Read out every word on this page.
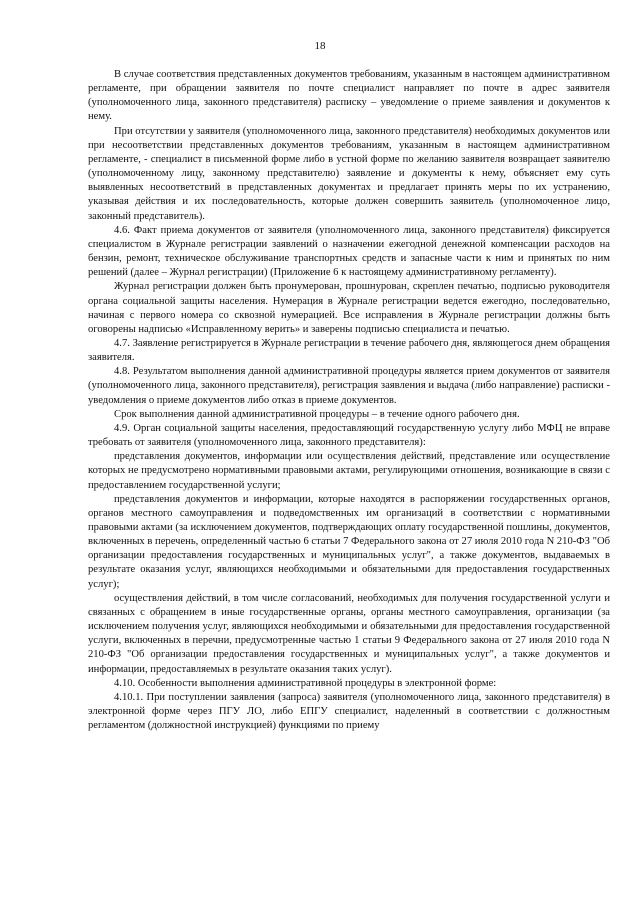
18

В случае соответствия представленных документов требованиям, указанным в настоящем административном регламенте, при обращении заявителя по почте специалист направляет по почте в адрес заявителя (уполномоченного лица, законного представителя) расписку – уведомление о приеме заявления и документов к нему.

При отсутствии у заявителя (уполномоченного лица, законного представителя) необходимых документов или при несоответствии представленных документов требованиям, указанным в настоящем административном регламенте, - специалист в письменной форме либо в устной форме по желанию заявителя возвращает заявителю (уполномоченному лицу, законному представителю) заявление и документы к нему, объясняет ему суть выявленных несоответствий в представленных документах и предлагает принять меры по их устранению, указывая действия и их последовательность, которые должен совершить заявитель (уполномоченное лицо, законный представитель).

4.6. Факт приема документов от заявителя (уполномоченного лица, законного представителя) фиксируется специалистом в Журнале регистрации заявлений о назначении ежегодной денежной компенсации расходов на бензин, ремонт, техническое обслуживание транспортных средств и запасные части к ним и принятых по ним решений (далее – Журнал регистрации) (Приложение 6 к настоящему административному регламенту).

Журнал регистрации должен быть пронумерован, прошнурован, скреплен печатью, подписью руководителя органа социальной защиты населения. Нумерация в Журнале регистрации ведется ежегодно, последовательно, начиная с первого номера со сквозной нумерацией. Все исправления в Журнале регистрации должны быть оговорены надписью «Исправленному верить» и заверены подписью специалиста и печатью.

4.7. Заявление регистрируется в Журнале регистрации в течение рабочего дня, являющегося днем обращения заявителя.

4.8. Результатом выполнения данной административной процедуры является прием документов от заявителя (уполномоченного лица, законного представителя), регистрация заявления и выдача (либо направление) расписки - уведомления о приеме документов либо отказ в приеме документов.

Срок выполнения данной административной процедуры – в течение одного рабочего дня.

4.9. Орган социальной защиты населения, предоставляющий государственную услугу либо МФЦ не вправе требовать от заявителя (уполномоченного лица, законного представителя):

представления документов, информации или осуществления действий, представление или осуществление которых не предусмотрено нормативными правовыми актами, регулирующими отношения, возникающие в связи с предоставлением государственной услуги;

представления документов и информации, которые находятся в распоряжении государственных органов, органов местного самоуправления и подведомственных им организаций в соответствии с нормативными правовыми актами (за исключением документов, подтверждающих оплату государственной пошлины, документов, включенных в перечень, определенный частью 6 статьи 7 Федерального закона от 27 июля 2010 года N 210-ФЗ "Об организации предоставления государственных и муниципальных услуг", а также документов, выдаваемых в результате оказания услуг, являющихся необходимыми и обязательными для предоставления государственных услуг);

осуществления действий, в том числе согласований, необходимых для получения государственной услуги и связанных с обращением в иные государственные органы, органы местного самоуправления, организации (за исключением получения услуг, являющихся необходимыми и обязательными для предоставления государственной услуги, включенных в перечни, предусмотренные частью 1 статьи 9 Федерального закона от 27 июля 2010 года N 210-ФЗ "Об организации предоставления государственных и муниципальных услуг", а также документов и информации, предоставляемых в результате оказания таких услуг).

4.10. Особенности выполнения административной процедуры в электронной форме:

4.10.1. При поступлении заявления (запроса) заявителя (уполномоченного лица, законного представителя) в электронной форме через ПГУ ЛО, либо ЕПГУ специалист, наделенный в соответствии с должностным регламентом (должностной инструкцией) функциями по приему
